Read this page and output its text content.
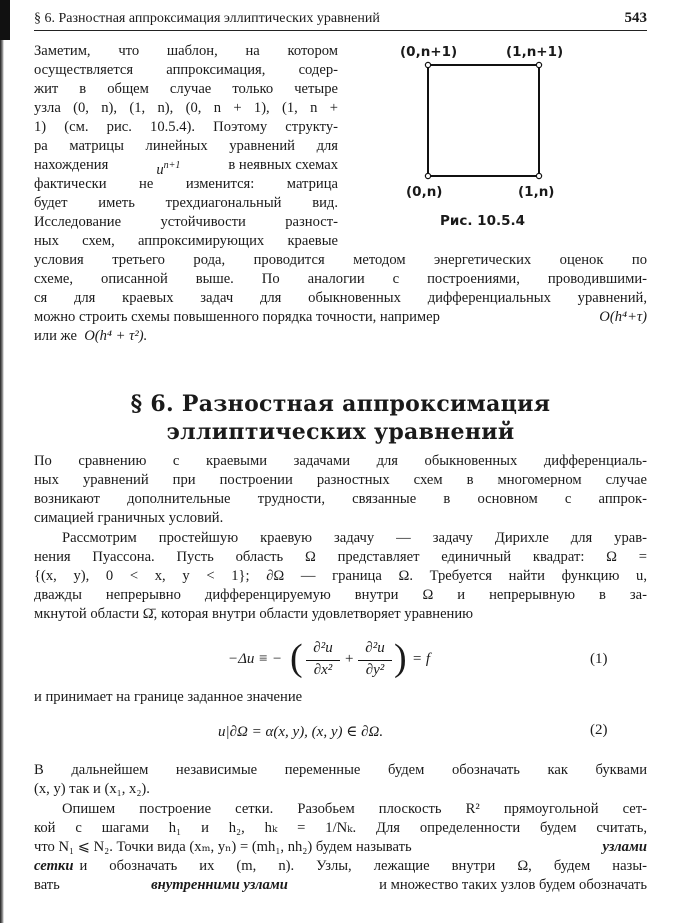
§ 6. Разностная аппроксимация эллиптических уравнений	543
Заметим, что шаблон, на котором
осуществляется аппроксимация, содер-
жит в общем случае только четыре
узла (0, n), (1, n), (0, n + 1), (1, n +
1) (см. рис. 10.5.4). Поэтому структу-
ра матрицы линейных уравнений для
нахождения	$u^{n+1}$	в неявных схемах
фактически не изменится: матрица
будет иметь трехдиагональный вид.
Исследование устойчивости разност-
ных схем, аппроксимирующих краевые
условия третьего рода, проводится методом энергетических оценок по
схеме, описанной выше. По аналогии с построениями, проводившими-
ся для краевых задач для обыкновенных дифференциальных уравнений,
можно строить схемы повышенного порядка точности, например	O(h⁴+τ)
или же O(h⁴ + τ²).
(0,n+1)	(1,n+1)
(0,n)	(1,n)
Рис. 10.5.4
§ 6. Разностная аппроксимация
эллиптических уравнений
По сравнению с краевыми задачами для обыкновенных дифференциаль-
ных уравнений при построении разностных схем в многомерном случае
возникают дополнительные трудности, связанные в основном с аппрок-
симацией граничных условий.
Рассмотрим простейшую краевую задачу — задачу Дирихле для урав-
нения Пуассона. Пусть область Ω представляет единичный квадрат: Ω =
{(x, y), 0 < x, y < 1}; ∂Ω — граница Ω. Требуется найти функцию u,
дважды непрерывно дифференцируемую внутри Ω и непрерывную в за-
мкнутой области Ω̄, которая внутри области удовлетворяет уравнению
−Δu ≡ − ( ∂²u
∂x²
+
∂²u
∂y² ) = f	(1)
и принимает на границе заданное значение
u|∂Ω = α(x, y), (x, y) ∈ ∂Ω.	(2)
В дальнейшем независимые переменные будем обозначать как буквами
(x, y) так и (x₁, x₂).
Опишем построение сетки. Разобьем плоскость R² прямоугольной сет-
кой с шагами h₁ и h₂, hₖ = 1/Nₖ. Для определенности будем считать,
что N₁ ⩽ N₂. Точки вида (xₘ, yₙ) = (mh₁, nh₂) будем называть	узлами
сетки и обозначать их (m, n). Узлы, лежащие внутри Ω, будем назы-
вать	внутренними узлами	и множество таких узлов будем обозначать
